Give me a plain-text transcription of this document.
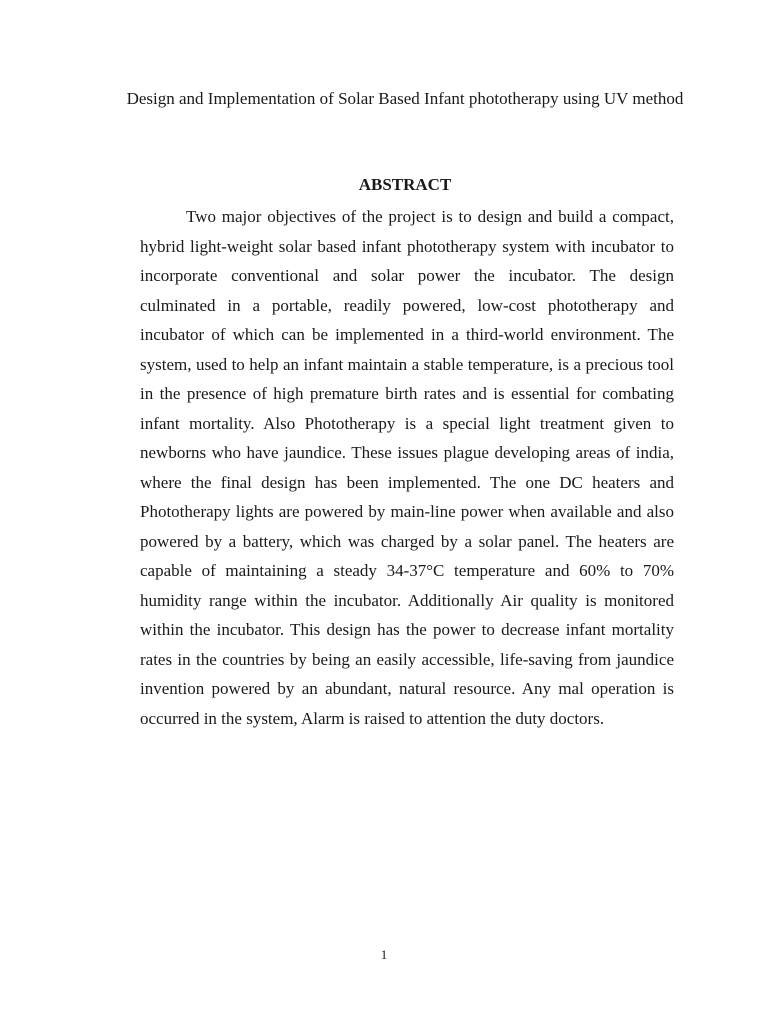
Design and Implementation of Solar Based Infant phototherapy using UV method

ABSTRACT

Two major objectives of the project is to design and build a compact, hybrid light-weight solar based infant phototherapy system with incubator to incorporate conventional and solar power the incubator. The design culminated in a portable, readily powered, low-cost phototherapy and incubator of which can be implemented in a third-world environment. The system, used to help an infant maintain a stable temperature, is a precious tool in the presence of high premature birth rates and is essential for combating infant mortality. Also Phototherapy is a special light treatment given to newborns who have jaundice. These issues plague developing areas of india, where the final design has been implemented. The one DC heaters and Phototherapy lights are powered by main-line power when available and also powered by a battery, which was charged by a solar panel. The heaters are capable of maintaining a steady 34-37°C temperature and 60% to 70% humidity range within the incubator. Additionally Air quality is monitored within the incubator. This design has the power to decrease infant mortality rates in the countries by being an easily accessible, life-saving from jaundice invention powered by an abundant, natural resource. Any mal operation is occurred in the system, Alarm is raised to attention the duty doctors.

1
